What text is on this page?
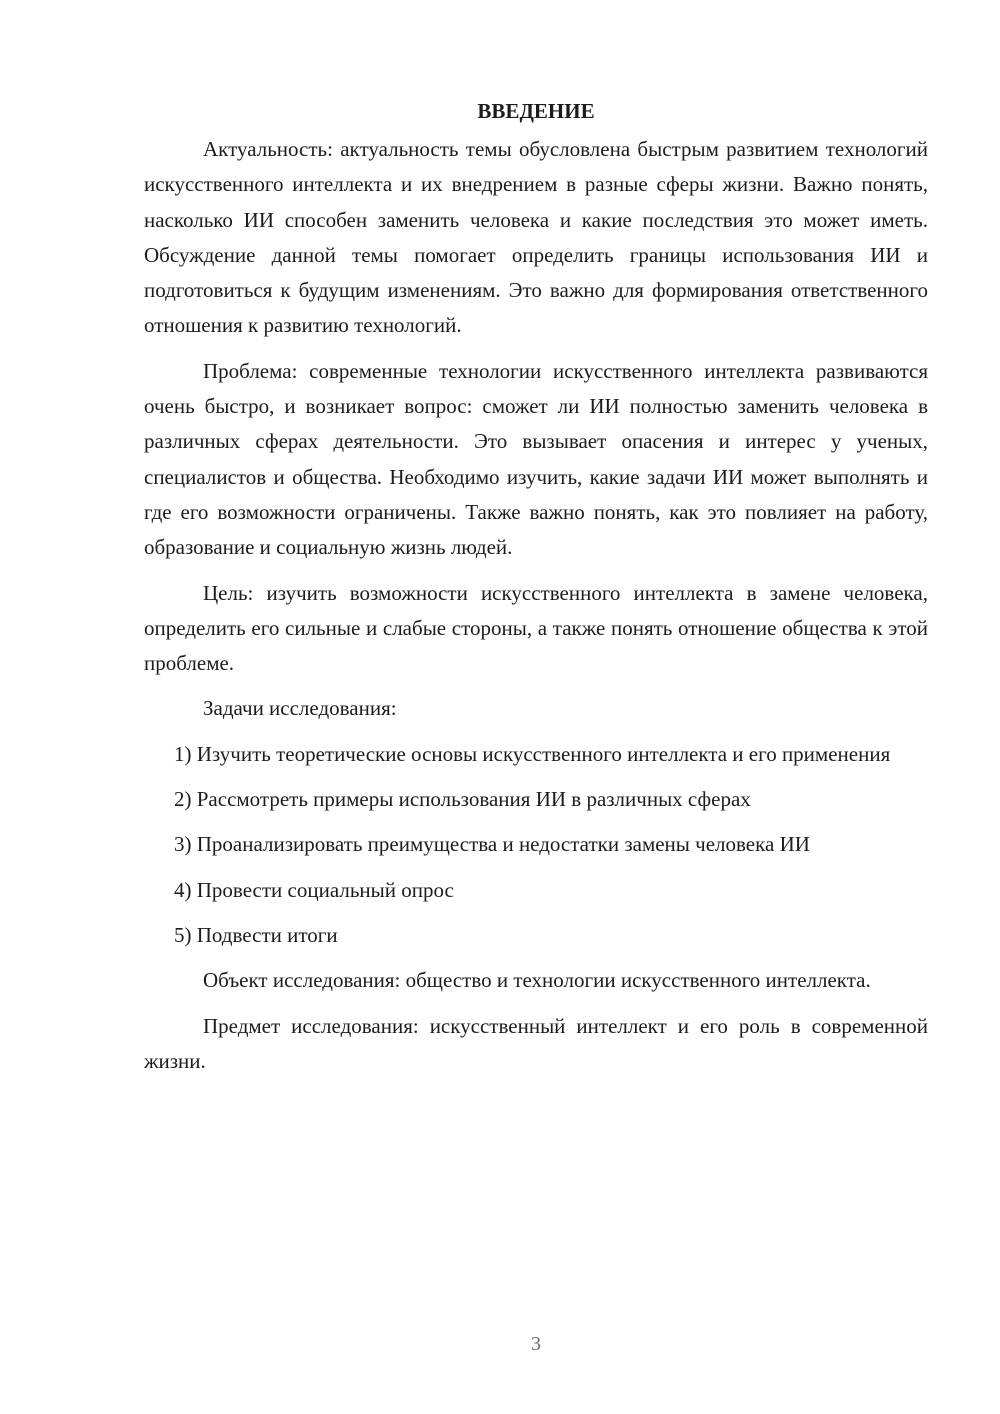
ВВЕДЕНИЕ

Актуальность: актуальность темы обусловлена быстрым развитием технологий искусственного интеллекта и их внедрением в разные сферы жизни. Важно понять, насколько ИИ способен заменить человека и какие последствия это может иметь. Обсуждение данной темы помогает определить границы использования ИИ и подготовиться к будущим изменениям. Это важно для формирования ответственного отношения к развитию технологий.

Проблема: современные технологии искусственного интеллекта развиваются очень быстро, и возникает вопрос: сможет ли ИИ полностью заменить человека в различных сферах деятельности. Это вызывает опасения и интерес у ученых, специалистов и общества. Необходимо изучить, какие задачи ИИ может выполнять и где его возможности ограничены. Также важно понять, как это повлияет на работу, образование и социальную жизнь людей.

Цель: изучить возможности искусственного интеллекта в замене человека, определить его сильные и слабые стороны, а также понять отношение общества к этой проблеме.

Задачи исследования:

1) Изучить теоретические основы искусственного интеллекта и его применения

2) Рассмотреть примеры использования ИИ в различных сферах

3) Проанализировать преимущества и недостатки замены человека ИИ

4) Провести социальный опрос

5) Подвести итоги

Объект исследования: общество и технологии искусственного интеллекта.

Предмет исследования: искусственный интеллект и его роль в современной жизни.

3
